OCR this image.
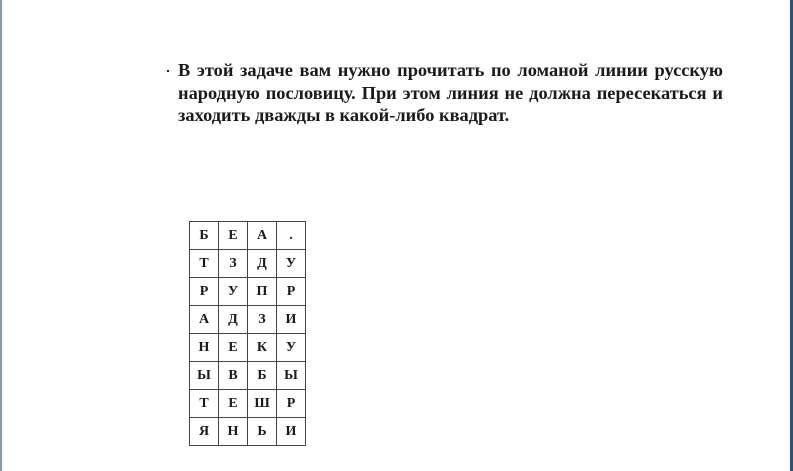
В этой задаче вам нужно прочитать по ломаной линии русскую народную пословицу. При этом линия не должна пересекаться и заходить дважды в какой-либо квадрат.

Б	Е	А	.
Т	З	Д	У
Р	У	П	Р
А	Д	З	И
Н	Е	К	У
Ы	В	Б	Ы
Т	Е	Ш	Р
Я	Н	Ь	И
